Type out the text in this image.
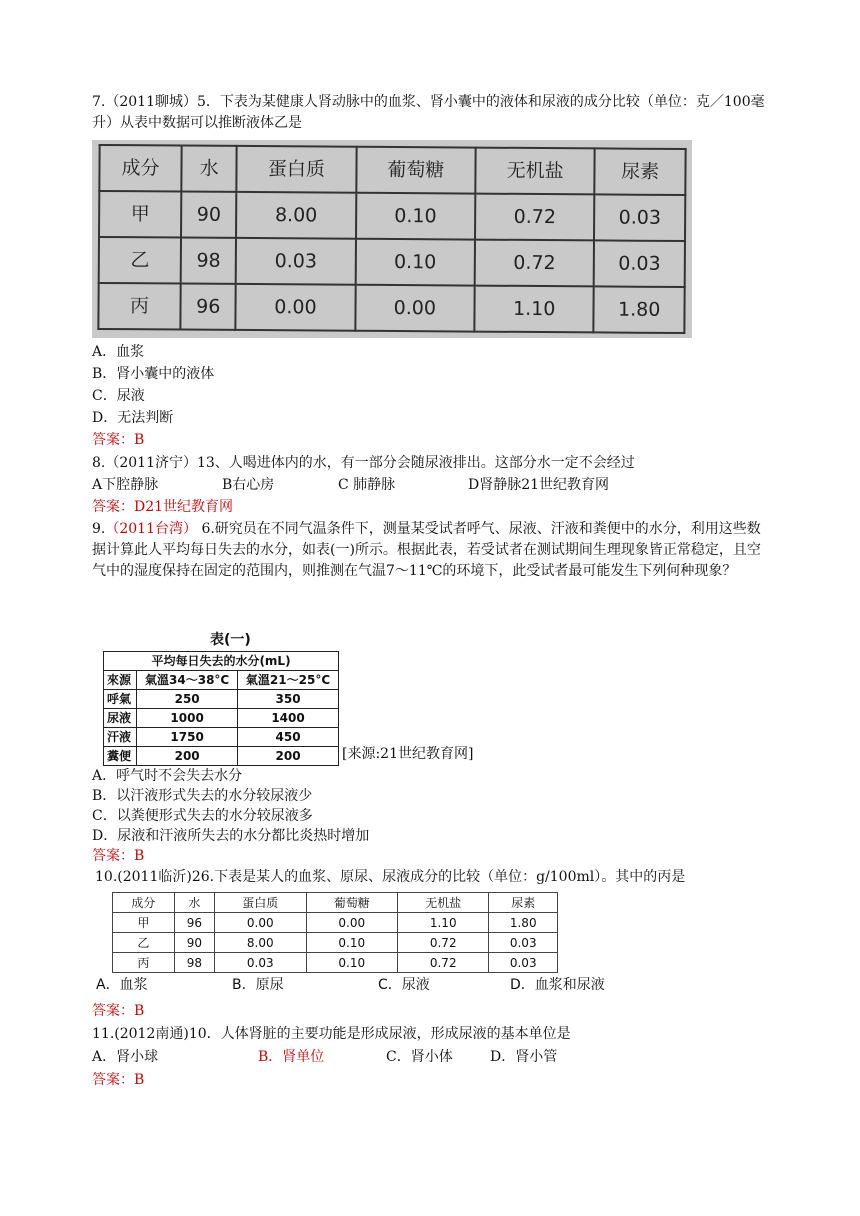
7.（2011聊城）5．下表为某健康人肾动脉中的血浆、肾小囊中的液体和尿液的成分比较（单位：克／100毫升）从表中数据可以推断液体乙是
成分	水	蛋白质	葡萄糖	无机盐	尿素
甲	90	8.00	0.10	0.72	0.03
乙	98	0.03	0.10	0.72	0.03
丙	96	0.00	0.00	1.10	1.80
A．血浆
B．肾小囊中的液体
C．尿液
D．无法判断
答案：B
8.（2011济宁）13、人喝进体内的水，有一部分会随尿液排出。这部分水一定不会经过
A下腔静脉	B右心房	C 肺静脉	D肾静脉21世纪教育网
答案：D21世纪教育网
9.（2011台湾） 6.研究员在不同气温条件下，测量某受试者呼气、尿液、汗液和粪便中的水分，利用这些数据计算此人平均每日失去的水分，如表(一)所示。根据此表，若受试者在测试期间生理现象皆正常稳定，且空气中的湿度保持在固定的范围内，则推测在气温7～11℃的环境下，此受试者最可能发生下列何种现象？
表(一)
平均每日失去的水分(mL)		
來源	氣溫34～38°C	氣溫21～25°C
呼氣	250	350
尿液	1000	1400
汗液	1750	450
糞便	200	200	[来源:21世纪教育网]
A．呼气时不会失去水分
B．以汗液形式失去的水分较尿液少
C．以粪便形式失去的水分较尿液多
D．尿液和汗液所失去的水分都比炎热时增加
答案：B
10.(2011临沂)26.下表是某人的血浆、原尿、尿液成分的比较（单位：g/100ml）。其中的丙是
成分	水	蛋白质	葡萄糖	无机盐	尿素
甲	96	0.00	0.00	1.10	1.80
乙	90	8.00	0.10	0.72	0.03
丙	98	0.03	0.10	0.72	0.03
A．血浆	B．原尿	C．尿液	D．血浆和尿液
答案：B
11.(2012南通)10．人体肾脏的主要功能是形成尿液，形成尿液的基本单位是
A．肾小球	B．肾单位	C．肾小体	D．肾小管
答案：B
